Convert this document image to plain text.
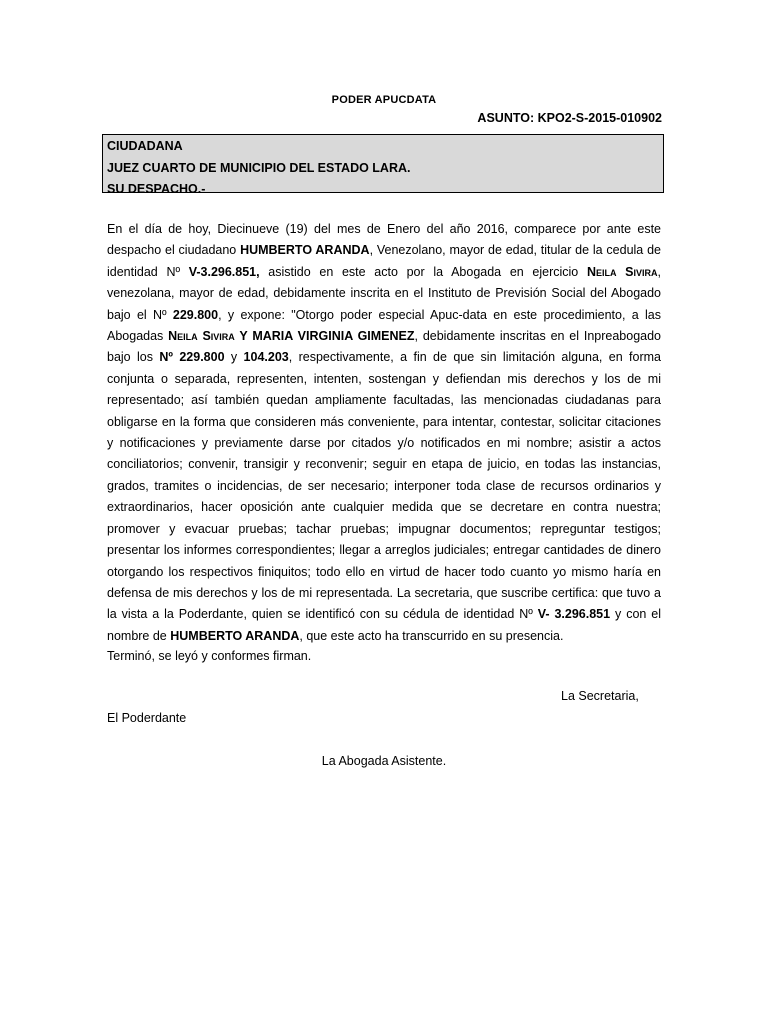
PODER APUCDATA
ASUNTO: KPO2-S-2015-010902
CIUDADANA
JUEZ CUARTO DE MUNICIPIO DEL ESTADO LARA.
SU DESPACHO.-

En el día de hoy, Diecinueve (19) del mes de Enero del año 2016, comparece por ante este despacho el ciudadano HUMBERTO ARANDA, Venezolano, mayor de edad, titular de la cedula de identidad Nº V-3.296.851, asistido en este acto por la Abogada en ejercicio Neila Sivira, venezolana, mayor de edad, debidamente inscrita en el Instituto de Previsión Social del Abogado bajo el Nº 229.800, y expone: "Otorgo poder especial Apuc-data en este procedimiento, a las Abogadas Neila Sivira Y MARIA VIRGINIA GIMENEZ, debidamente inscritas en el Inpreabogado bajo los Nº 229.800 y 104.203, respectivamente, a fin de que sin limitación alguna, en forma conjunta o separada, representen, intenten, sostengan y defiendan mis derechos y los de mi representado; así también quedan ampliamente facultadas, las mencionadas ciudadanas para obligarse en la forma que consideren más conveniente, para intentar, contestar, solicitar citaciones y notificaciones y previamente darse por citados y/o notificados en mi nombre; asistir a actos conciliatorios; convenir, transigir y reconvenir; seguir en etapa de juicio, en todas las instancias, grados, tramites o incidencias, de ser necesario; interponer toda clase de recursos ordinarios y extraordinarios, hacer oposición ante cualquier medida que se decretare en contra nuestra; promover y evacuar pruebas; tachar pruebas; impugnar documentos; repreguntar testigos; presentar los informes correspondientes; llegar a arreglos judiciales; entregar cantidades de dinero otorgando los respectivos finiquitos; todo ello en virtud de hacer todo cuanto yo mismo haría en defensa de mis derechos y los de mi representada. La secretaria, que suscribe certifica: que tuvo a la vista a la Poderdante, quien se identificó con su cédula de identidad Nº V- 3.296.851 y con el nombre de HUMBERTO ARANDA, que este acto ha transcurrido en su presencia.

Terminó, se leyó y conformes firman.
La Secretaria,
El Poderdante
La Abogada Asistente.
